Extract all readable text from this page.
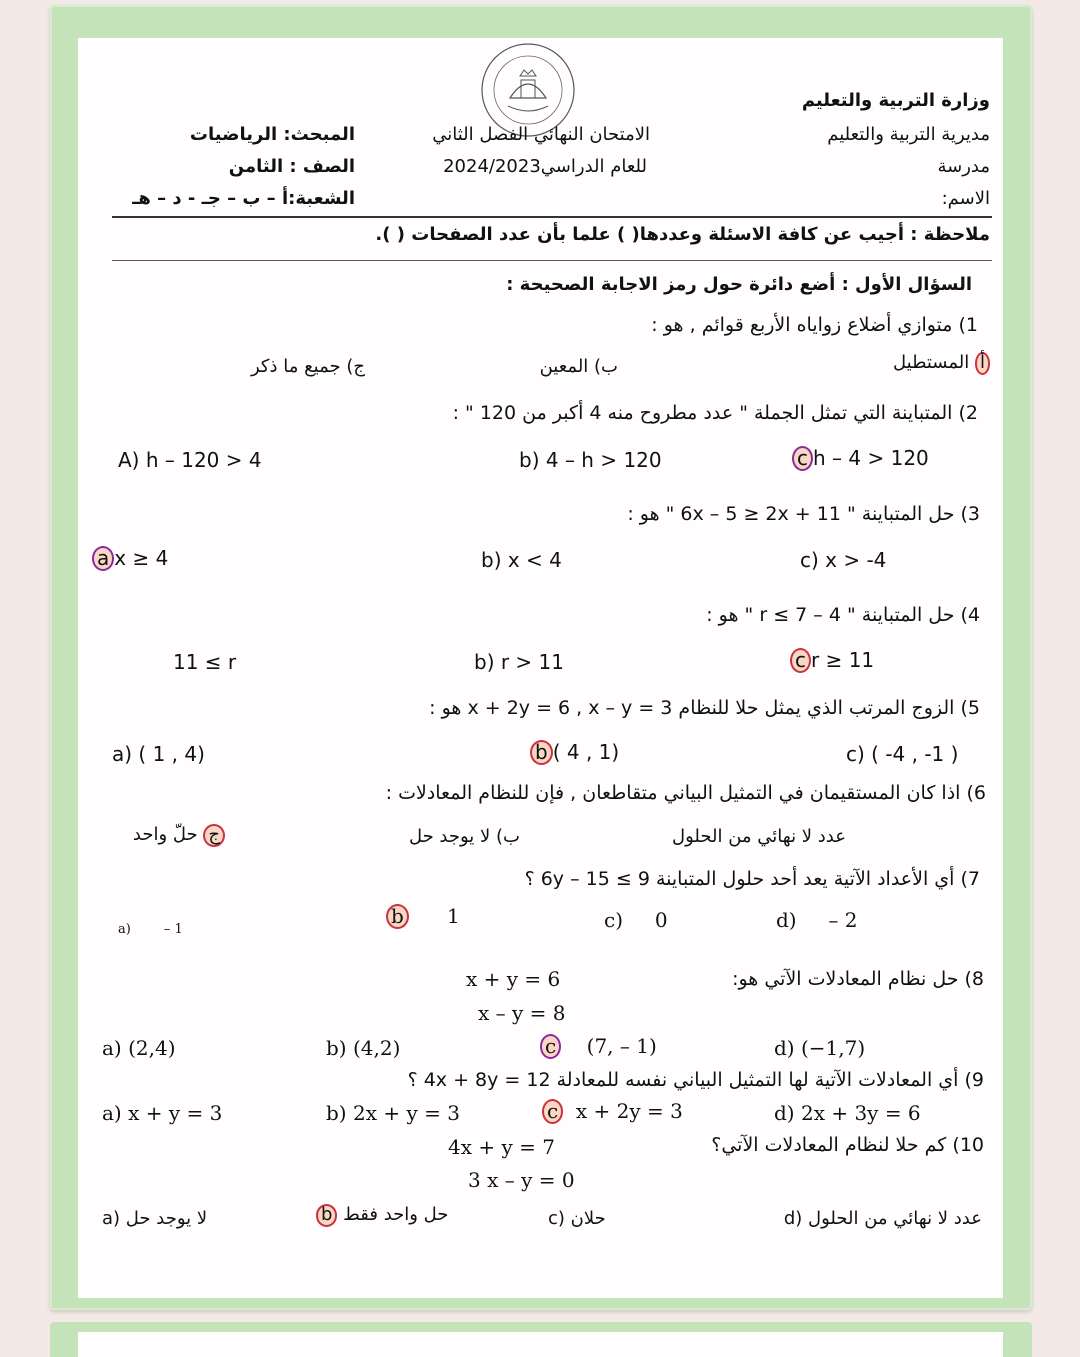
وزارة التربية والتعليم
مديرية التربية والتعليم
مدرسة
الاسم:
الامتحان النهائي الفصل الثاني
للعام الدراسي2024/2023
المبحث: الرياضيات
الصف : الثامن
الشعبة:أ – ب – جـ - د – هـ
ملاحظة : أجيب عن كافة الاسئلة وعددها( ) علما بأن عدد الصفحات ( ).
السؤال الأول : أضع دائرة حول رمز الاجابة الصحيحة :
1) متوازي أضلاع زواياه الأربع قوائم , هو :
أ المستطيل
ب) المعين
ج) جميع ما ذكر
2) المتباينة التي تمثل الجملة " عدد مطروح منه 4 أكبر من 120 " :
c h – 4 > 120
b) 4 – h > 120
A) h – 120 > 4
3) حل المتباينة " 6x – 5 ≥ 2x + 11 " هو :
c) x > -4
b) x < 4
a x ≥ 4
4) حل المتباينة " 4 – r ≤ 7 " هو :
c r ≥ 11
b) r > 11
11 ≤ r
5) الزوج المرتب الذي يمثل حلا للنظام x + 2y = 6 , x – y = 3 هو :
c) ( -4 , -1 )
b ( 4 , 1)
a) ( 1 , 4)
6) اذا كان المستقيمان في التمثيل البياني متقاطعان , فإن للنظام المعادلات :
عدد لا نهائي من الحلول
ب) لا يوجد حل
ج حلّ واحد
7) أي الأعداد الآتية يعد أحد حلول المتباينة 9 ≥ 15 – 6y ؟
d) – 2
c) 0
b 1
a)	– 1
8) حل نظام المعادلات الآتي هو:
x + y = 6
x – y = 8
d) (−1,7)
c (7, – 1)
b) (4,2)
a) (2,4)
9) أي المعادلات الآتية لها التمثيل البياني نفسه للمعادلة 4x + 8y = 12 ؟
d) 2x + 3y = 6
c x + 2y = 3
b) 2x + y = 3
a) x + y = 3
10) كم حلا لنظام المعادلات الآتي؟
4x + y = 7
3 x – y = 0
عدد لا نهائي من الحلول (d
c) حلان
b حل واحد فقط
a) لا يوجد حل
